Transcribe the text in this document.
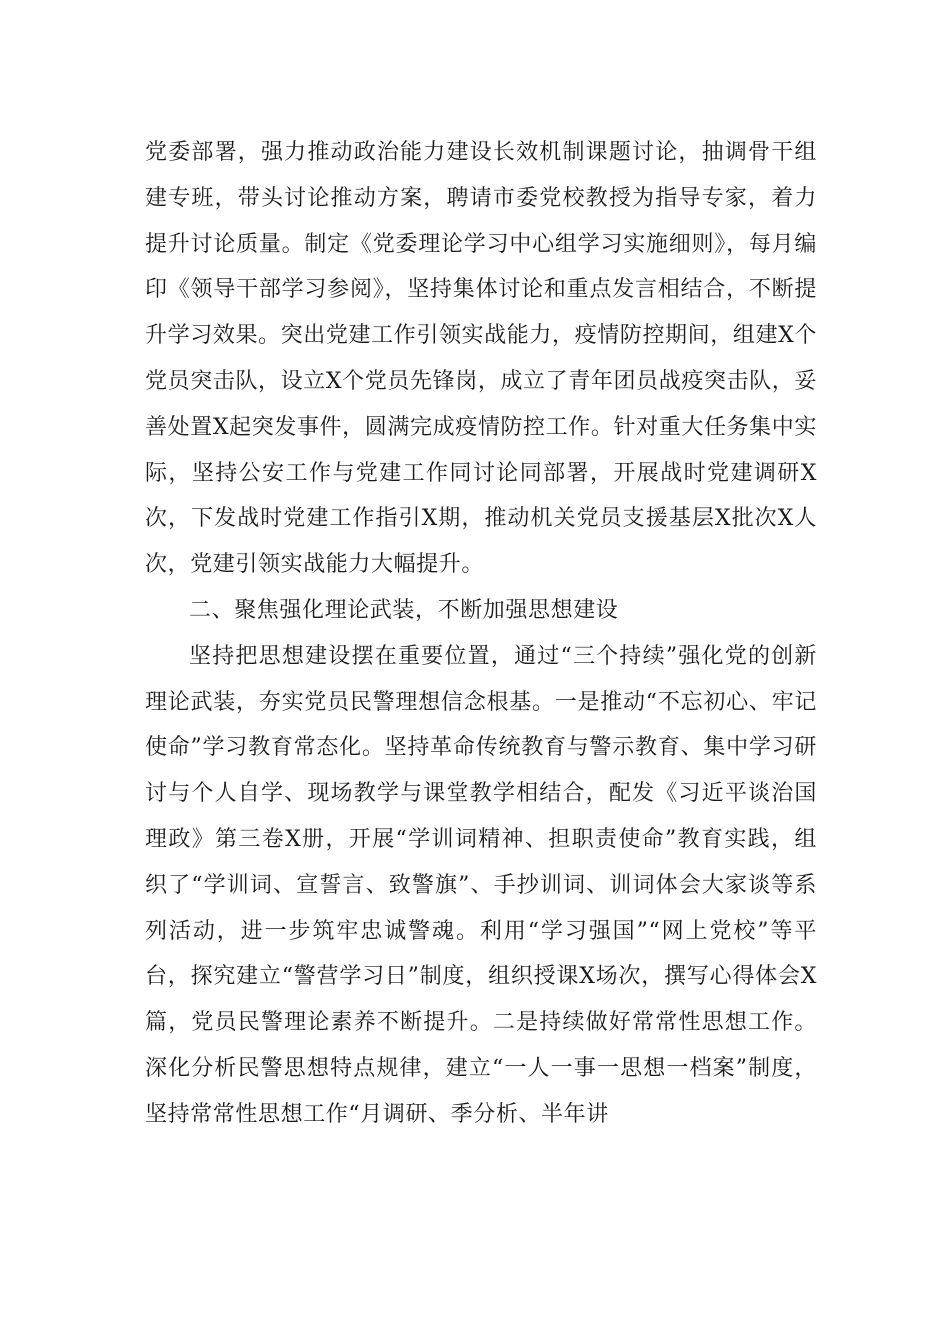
党委部署，强力推动政治能力建设长效机制课题讨论，抽调骨干组建专班，带头讨论推动方案，聘请市委党校教授为指导专家，着力提升讨论质量。制定《党委理论学习中心组学习实施细则》，每月编印《领导干部学习参阅》，坚持集体讨论和重点发言相结合，不断提升学习效果。突出党建工作引领实战能力，疫情防控期间，组建X个党员突击队，设立X个党员先锋岗，成立了青年团员战疫突击队，妥善处置X起突发事件，圆满完成疫情防控工作。针对重大任务集中实际，坚持公安工作与党建工作同讨论同部署，开展战时党建调研X次，下发战时党建工作指引X期，推动机关党员支援基层X批次X人次，党建引领实战能力大幅提升。

二、聚焦强化理论武装，不断加强思想建设

坚持把思想建设摆在重要位置，通过“三个持续”强化党的创新理论武装，夯实党员民警理想信念根基。一是推动“不忘初心、牢记使命”学习教育常态化。坚持革命传统教育与警示教育、集中学习研讨与个人自学、现场教学与课堂教学相结合，配发《习近平谈治国理政》第三卷X册，开展“学训词精神、担职责使命”教育实践，组织了“学训词、宣誓言、致警旗”、手抄训词、训词体会大家谈等系列活动，进一步筑牢忠诚警魂。利用“学习强国”“网上党校”等平台，探究建立“警营学习日”制度，组织授课X场次，撰写心得体会X篇，党员民警理论素养不断提升。二是持续做好常常性思想工作。深化分析民警思想特点规律，建立“一人一事一思想一档案”制度，坚持常常性思想工作“月调研、季分析、半年讲
